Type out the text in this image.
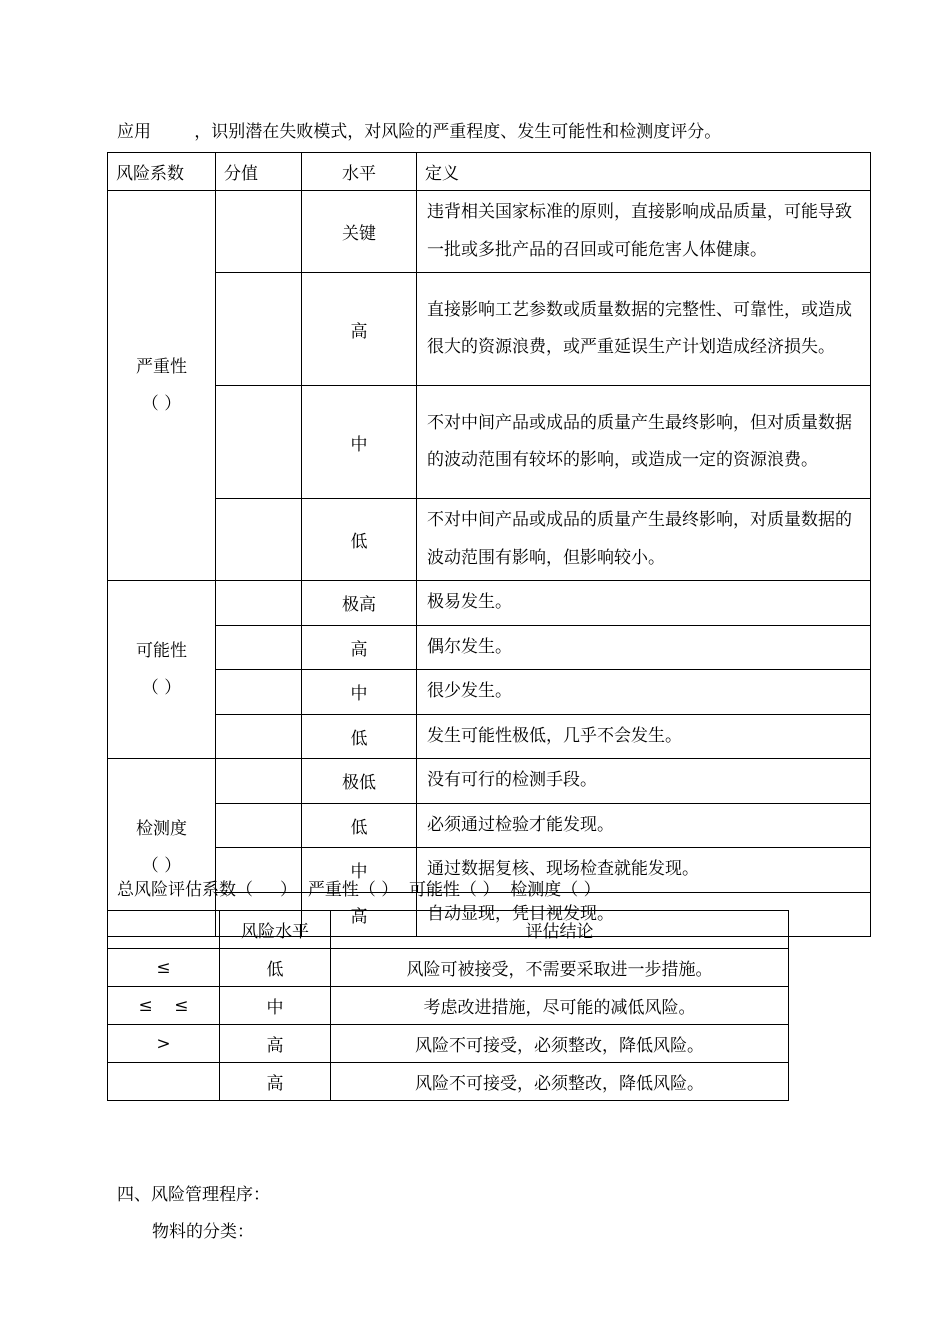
应用        ，识别潜在失败模式，对风险的严重程度、发生可能性和检测度评分。
风险系数	分值	水平	定义

严重性
（ ）		关键	违背相关国家标准的原则，直接影响成品质量，可能导致一批或多批产品的召回或可能危害人体健康。
		高	直接影响工艺参数或质量数据的完整性、可靠性，或造成很大的资源浪费，或严重延误生产计划造成经济损失。
		中	不对中间产品或成品的质量产生最终影响，但对质量数据的波动范围有较坏的影响，或造成一定的资源浪费。
		低	不对中间产品或成品的质量产生最终影响，对质量数据的波动范围有影响，但影响较小。

可能性
（ ）		极高	极易发生。
		高	偶尔发生。
		中	很少发生。
		低	发生可能性极低，几乎不会发生。

检测度
（ ）		极低	没有可行的检测手段。
		低	必须通过检验才能发现。
		中	通过数据复核、现场检查就能发现。
		高	自动显现，凭目视发现。
总风险评估系数（     ）  严重性（ ）  可能性（ ）  检测度（ ）
	风险水平	评估结论
≤	低	风险可被接受，不需要采取进一步措施。
≤    ≤	中	考虑改进措施，尽可能的减低风险。
>	高	风险不可接受，必须整改，降低风险。
	高	风险不可接受，必须整改，降低风险。
四、风险管理程序：
物料的分类：
